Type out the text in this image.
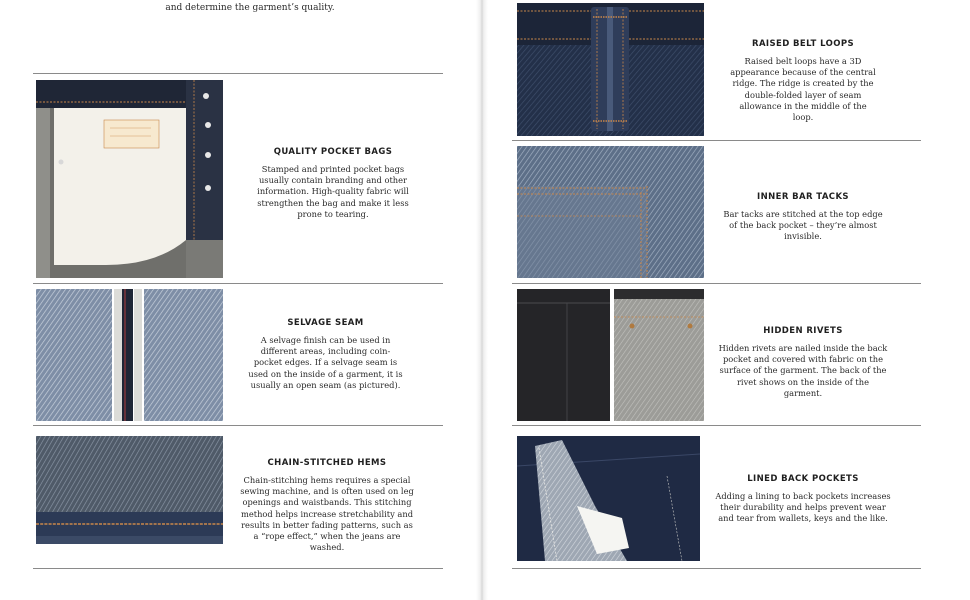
and determine the garment’s quality.
QUALITY POCKET BAGS

Stamped and printed pocket bags usually contain branding and other information. High-quality fabric will strengthen the bag and make it less prone to tearing.

SELVAGE SEAM

A selvage finish can be used in different areas, including coin-pocket edges. If a selvage seam is used on the inside of a garment, it is usually an open seam (as pictured).

CHAIN-STITCHED HEMS

Chain-stitching hems requires a special sewing machine, and is often used on leg openings and waistbands. This stitching method helps increase stretchability and results in better fading patterns, such as a “rope effect,” when the jeans are washed.

RAISED BELT LOOPS

Raised belt loops have a 3D appearance because of the central ridge. The ridge is created by the double-folded layer of seam allowance in the middle of the loop.

INNER BAR TACKS

Bar tacks are stitched at the top edge of the back pocket – they’re almost invisible.

HIDDEN RIVETS

Hidden rivets are nailed inside the back pocket and covered with fabric on the surface of the garment. The back of the rivet shows on the inside of the garment.

LINED BACK POCKETS

Adding a lining to back pockets increases their durability and helps prevent wear and tear from wallets, keys and the like.
